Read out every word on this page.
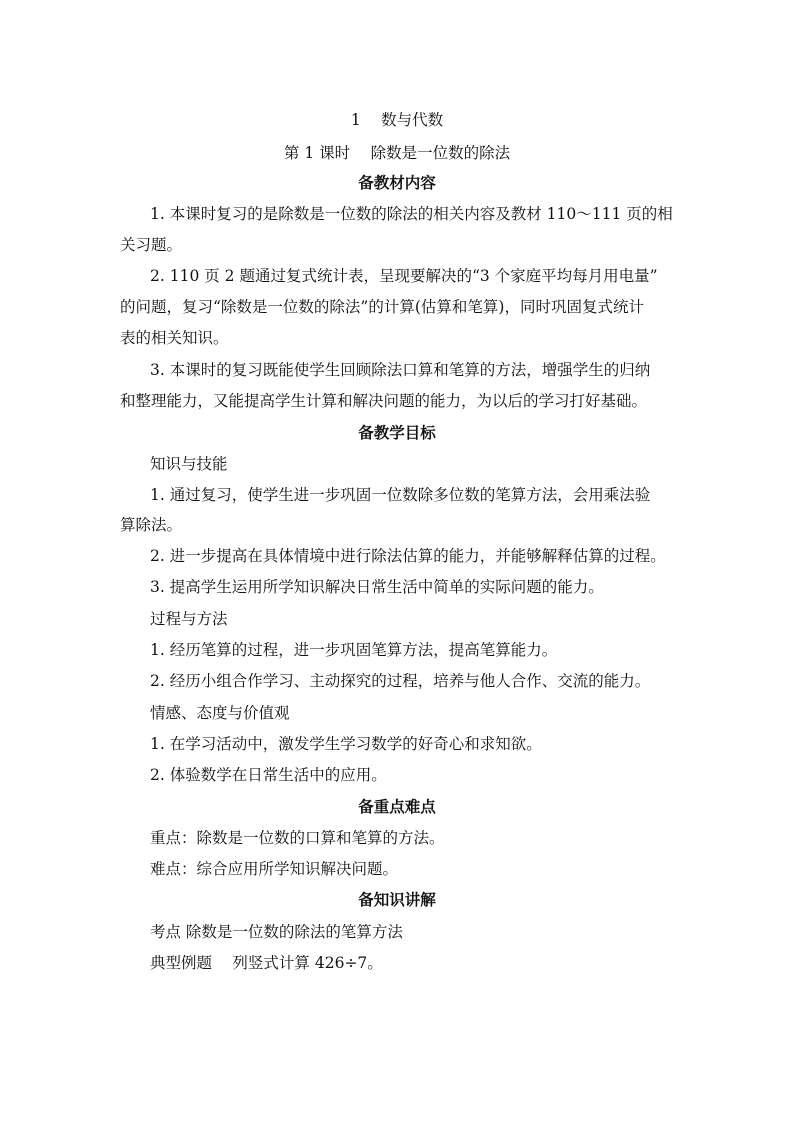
1　 数与代数
第 1 课时　 除数是一位数的除法
备教材内容
1. 本课时复习的是除数是一位数的除法的相关内容及教材 110～111 页的相
关习题。
2. 110 页 2 题通过复式统计表，呈现要解决的“3 个家庭平均每月用电量”
的问题，复习“除数是一位数的除法”的计算(估算和笔算)，同时巩固复式统计
表的相关知识。
3. 本课时的复习既能使学生回顾除法口算和笔算的方法，增强学生的归纳
和整理能力，又能提高学生计算和解决问题的能力，为以后的学习打好基础。
备教学目标
知识与技能
1. 通过复习，使学生进一步巩固一位数除多位数的笔算方法，会用乘法验
算除法。
2. 进一步提高在具体情境中进行除法估算的能力，并能够解释估算的过程。
3. 提高学生运用所学知识解决日常生活中简单的实际问题的能力。
过程与方法
1. 经历笔算的过程，进一步巩固笔算方法，提高笔算能力。
2. 经历小组合作学习、主动探究的过程，培养与他人合作、交流的能力。
情感、态度与价值观
1. 在学习活动中，激发学生学习数学的好奇心和求知欲。
2. 体验数学在日常生活中的应用。
备重点难点
重点：除数是一位数的口算和笔算的方法。
难点：综合应用所学知识解决问题。
备知识讲解
考点 除数是一位数的除法的笔算方法
典型例题　 列竖式计算 426÷7。
